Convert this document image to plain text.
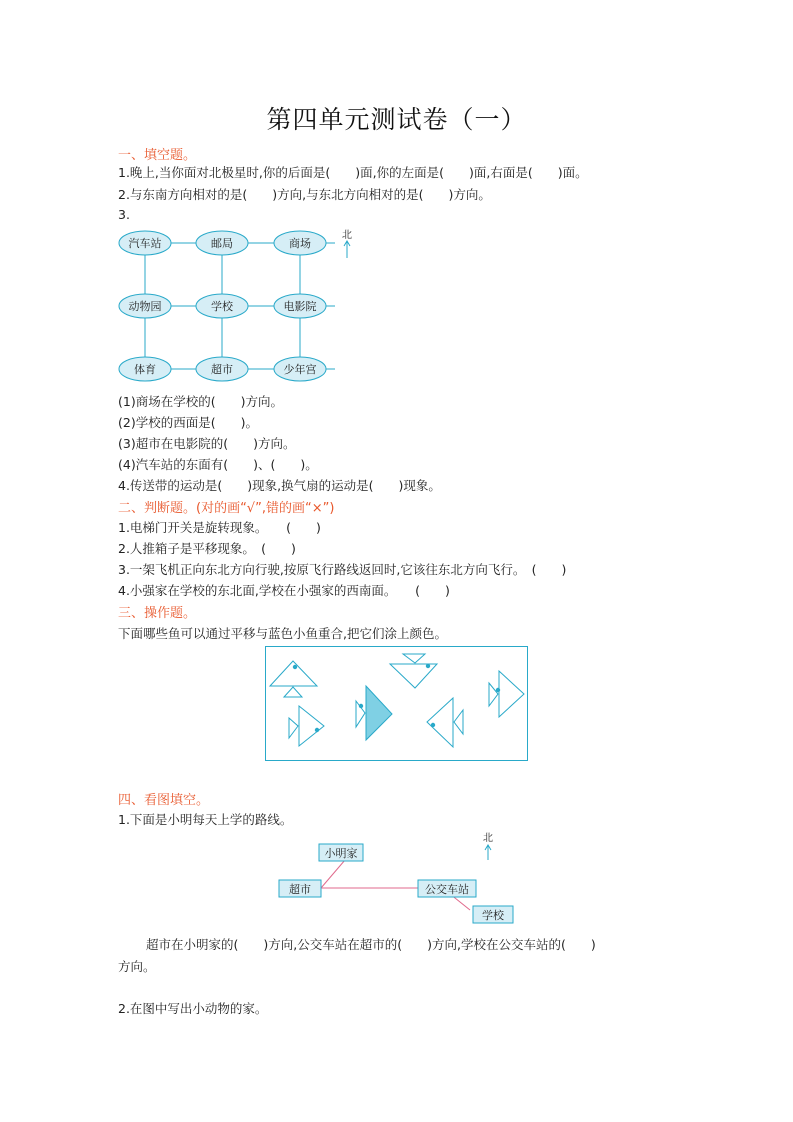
第四单元测试卷（一）
一、填空题。
1.晚上,当你面对北极星时,你的后面是(　　)面,你的左面是(　　)面,右面是(　　)面。
2.与东南方向相对的是(　　)方向,与东北方向相对的是(　　)方向。
3.
汽车站	邮局	商场
动物园	学校	电影院
体育	超市	少年宫
北
(1)商场在学校的(　　)方向。
(2)学校的西面是(　　)。
(3)超市在电影院的(　　)方向。
(4)汽车站的东面有(　　)、(　　)。
4.传送带的运动是(　　)现象,换气扇的运动是(　　)现象。
二、判断题。(对的画“√”,错的画“×”)
1.电梯门开关是旋转现象。　　(　　)
2.人推箱子是平移现象。　(　　)
3.一架飞机正向东北方向行驶,按原飞行路线返回时,它该往东北方向飞行。　(　　)
4.小强家在学校的东北面,学校在小强家的西南面。　　(　　)
三、操作题。
下面哪些鱼可以通过平移与蓝色小鱼重合,把它们涂上颜色。
四、看图填空。
1.下面是小明每天上学的路线。
小明家
超市	公交车站
学校
北
超市在小明家的(　　)方向,公交车站在超市的(　　)方向,学校在公交车站的(　　)
方向。
2.在图中写出小动物的家。
